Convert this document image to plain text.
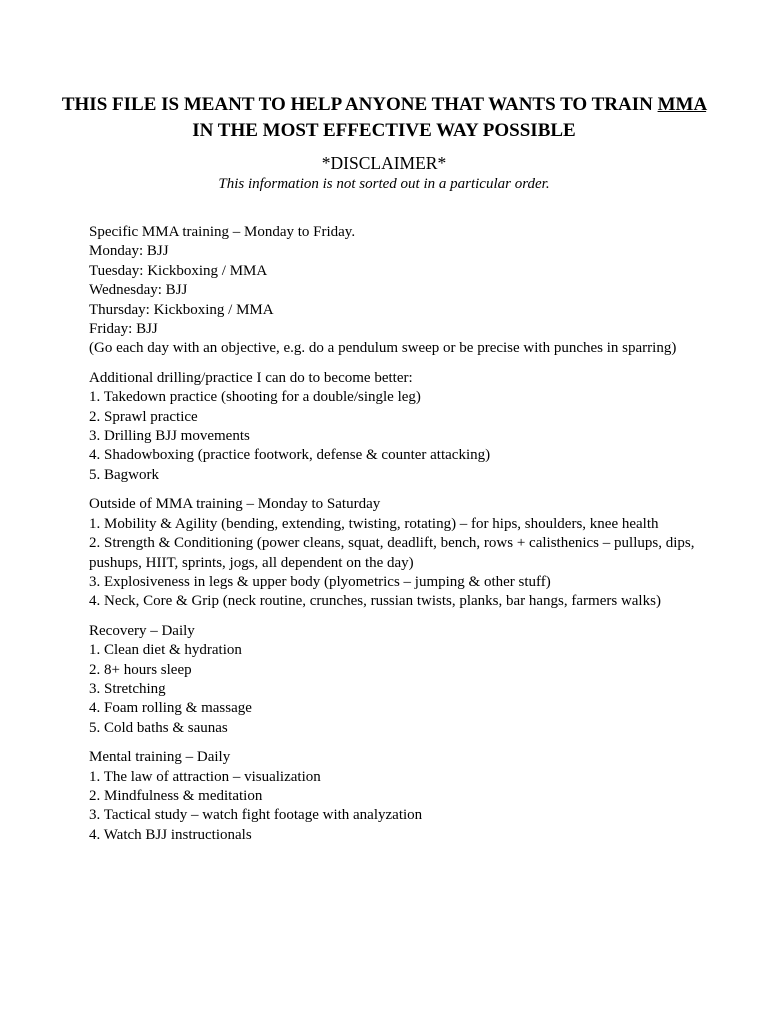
THIS FILE IS MEANT TO HELP ANYONE THAT WANTS TO TRAIN MMA IN THE MOST EFFECTIVE WAY POSSIBLE
*DISCLAIMER*
This information is not sorted out in a particular order.
Specific MMA training – Monday to Friday.
Monday: BJJ
Tuesday: Kickboxing / MMA
Wednesday: BJJ
Thursday: Kickboxing / MMA
Friday: BJJ
(Go each day with an objective, e.g. do a pendulum sweep or be precise with punches in sparring)
Additional drilling/practice I can do to become better:
1. Takedown practice (shooting for a double/single leg)
2. Sprawl practice
3. Drilling BJJ movements
4. Shadowboxing (practice footwork, defense & counter attacking)
5. Bagwork
Outside of MMA training – Monday to Saturday
1. Mobility & Agility (bending, extending, twisting, rotating) – for hips, shoulders, knee health
2. Strength & Conditioning (power cleans, squat, deadlift, bench, rows + calisthenics – pullups, dips, pushups, HIIT, sprints, jogs, all dependent on the day)
3. Explosiveness in legs & upper body (plyometrics – jumping & other stuff)
4. Neck, Core & Grip (neck routine, crunches, russian twists, planks, bar hangs, farmers walks)
Recovery – Daily
1. Clean diet & hydration
2. 8+ hours sleep
3. Stretching
4. Foam rolling & massage
5. Cold baths & saunas
Mental training – Daily
1. The law of attraction – visualization
2. Mindfulness & meditation
3. Tactical study – watch fight footage with analyzation
4. Watch BJJ instructionals
